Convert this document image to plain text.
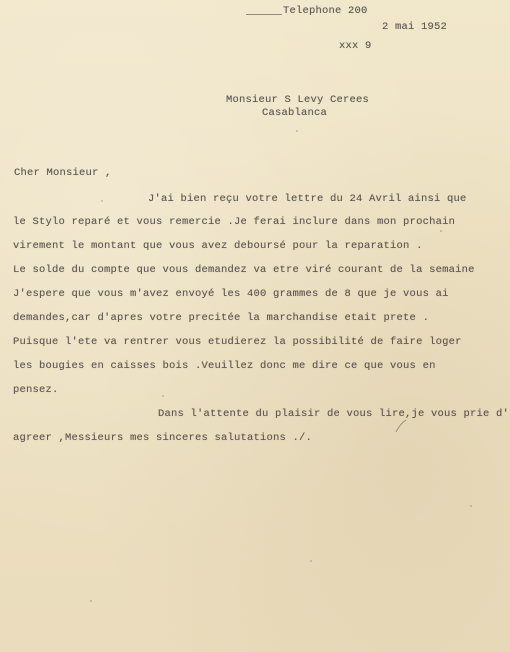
Telephone 200
2 mai 1952
xxx 9
Monsieur S Levy Cerees
Casablanca
Cher Monsieur ,
J'ai bien reçu votre lettre du 24 Avril ainsi que
le Stylo reparé et vous remercie .Je ferai inclure dans mon prochain
virement le montant que vous avez deboursé pour la reparation .
Le solde du compte que vous demandez va etre viré courant de la semaine
J'espere que vous m'avez envoyé les 400 grammes de 8 que je vous ai
demandes,car d'apres votre precitée la marchandise etait prete .
Puisque l'ete va rentrer vous etudierez la possibilité de faire loger
les bougies en caisses bois .Veuillez donc me dire ce que vous en
pensez.
Dans l'attente du plaisir de vous lire,je vous prie d'
agreer ,Messieurs mes sinceres salutations ./.
